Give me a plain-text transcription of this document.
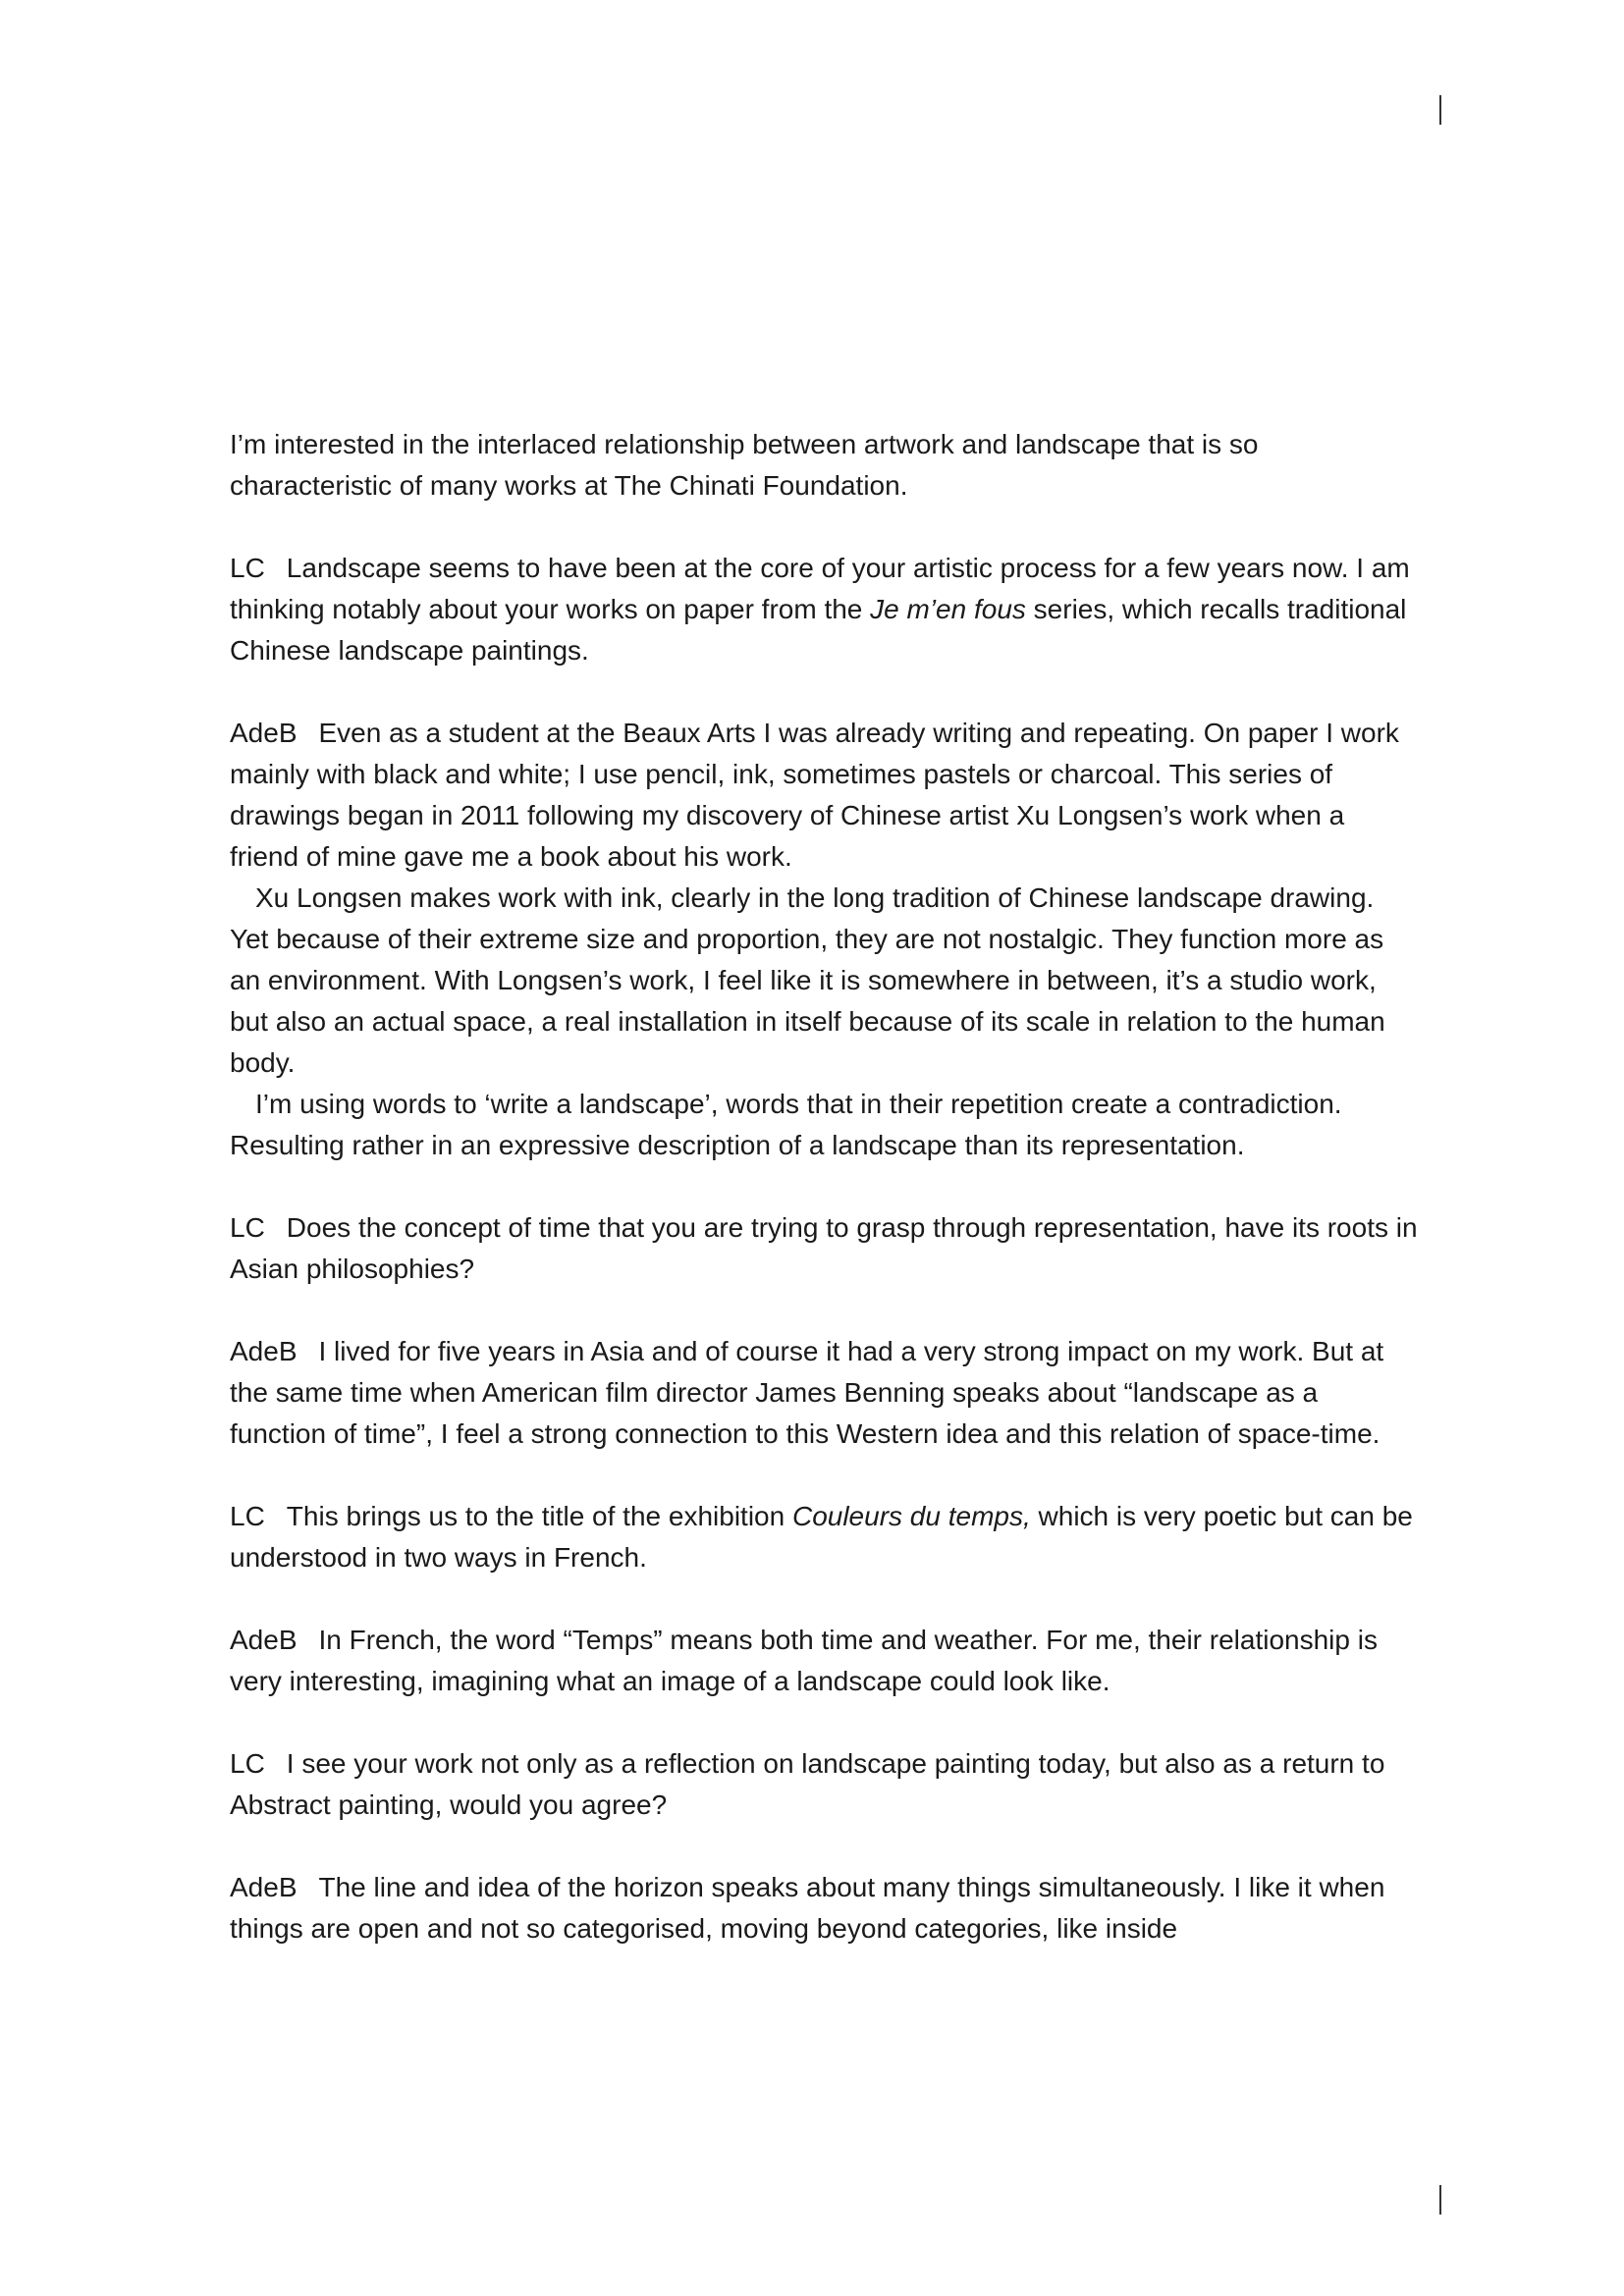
I’m interested in the interlaced relationship between artwork and landscape that is so characteristic of many works at The Chinati Foundation.

LC Landscape seems to have been at the core of your artistic process for a few years now. I am thinking notably about your works on paper from the Je m’en fous series, which recalls traditional Chinese landscape paintings.

AdeB Even as a student at the Beaux Arts I was already writing and repeating. On paper I work mainly with black and white; I use pencil, ink, sometimes pastels or charcoal. This series of drawings began in 2011 following my discovery of Chinese artist Xu Longsen’s work when a friend of mine gave me a book about his work.

Xu Longsen makes work with ink, clearly in the long tradition of Chinese landscape drawing. Yet because of their extreme size and proportion, they are not nostalgic. They function more as an environment. With Longsen’s work, I feel like it is somewhere in between, it’s a studio work, but also an actual space, a real installation in itself because of its scale in relation to the human body.

I’m using words to ‘write a landscape’, words that in their repetition create a contradiction. Resulting rather in an expressive description of a landscape than its representation.

LC Does the concept of time that you are trying to grasp through representation, have its roots in Asian philosophies?

AdeB I lived for five years in Asia and of course it had a very strong impact on my work. But at the same time when American film director James Benning speaks about “landscape as a function of time”, I feel a strong connection to this Western idea and this relation of space-time.

LC This brings us to the title of the exhibition Couleurs du temps, which is very poetic but can be understood in two ways in French.

AdeB In French, the word “Temps” means both time and weather. For me, their relationship is very interesting, imagining what an image of a landscape could look like.

LC I see your work not only as a reflection on landscape painting today, but also as a return to Abstract painting, would you agree?

AdeB The line and idea of the horizon speaks about many things simultaneously. I like it when things are open and not so categorised, moving beyond categories, like inside
